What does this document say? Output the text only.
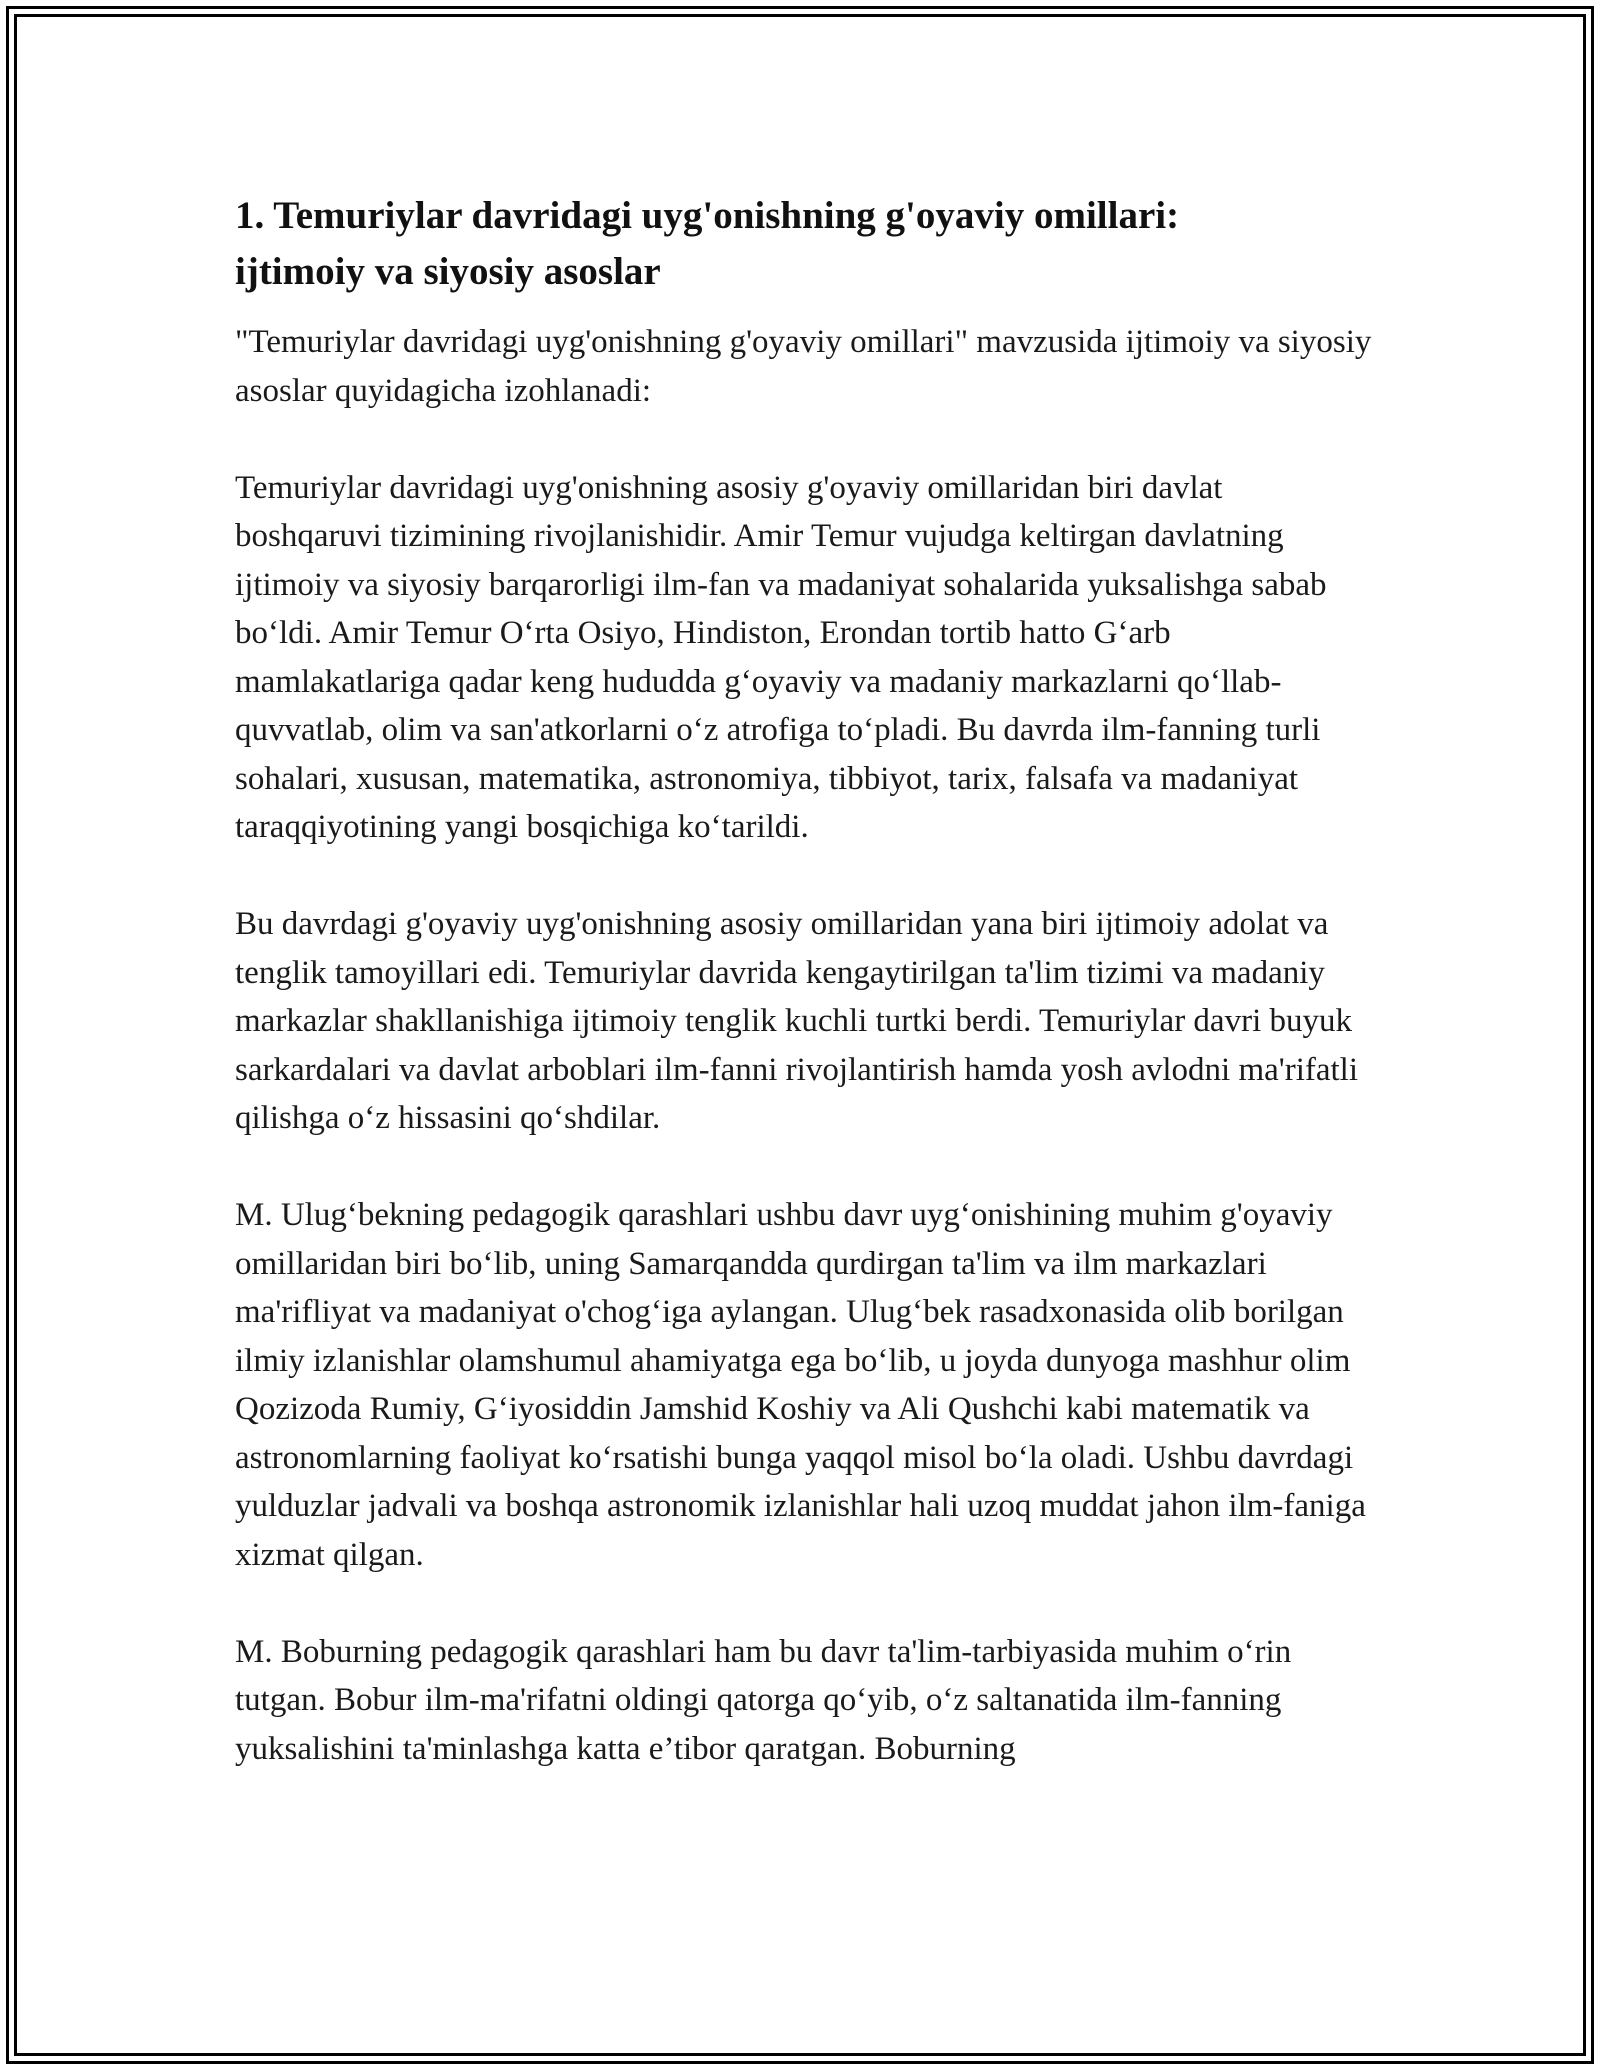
1. Temuriylar davridagi uyg'onishning g'oyaviy omillari:
ijtimoiy va siyosiy asoslar

"Temuriylar davridagi uyg'onishning g'oyaviy omillari" mavzusida ijtimoiy va siyosiy asoslar quyidagicha izohlanadi:

Temuriylar davridagi uyg'onishning asosiy g'oyaviy omillaridan biri davlat boshqaruvi tizimining rivojlanishidir. Amir Temur vujudga keltirgan davlatning ijtimoiy va siyosiy barqarorligi ilm-fan va madaniyat sohalarida yuksalishga sabab bo‘ldi. Amir Temur O‘rta Osiyo, Hindiston, Erondan tortib hatto G‘arb mamlakatlariga qadar keng hududda g‘oyaviy va madaniy markazlarni qo‘llab-quvvatlab, olim va san'atkorlarni o‘z atrofiga to‘pladi. Bu davrda ilm-fanning turli sohalari, xususan, matematika, astronomiya, tibbiyot, tarix, falsafa va madaniyat taraqqiyotining yangi bosqichiga ko‘tarildi.

Bu davrdagi g'oyaviy uyg'onishning asosiy omillaridan yana biri ijtimoiy adolat va tenglik tamoyillari edi. Temuriylar davrida kengaytirilgan ta'lim tizimi va madaniy markazlar shakllanishiga ijtimoiy tenglik kuchli turtki berdi. Temuriylar davri buyuk sarkardalari va davlat arboblari ilm-fanni rivojlantirish hamda yosh avlodni ma'rifatli qilishga o‘z hissasini qo‘shdilar.

M. Ulug‘bekning pedagogik qarashlari ushbu davr uyg‘onishining muhim g'oyaviy omillaridan biri bo‘lib, uning Samarqandda qurdirgan ta'lim va ilm markazlari ma'rifliyat va madaniyat o'chog‘iga aylangan. Ulug‘bek rasadxonasida olib borilgan ilmiy izlanishlar olamshumul ahamiyatga ega bo‘lib, u joyda dunyoga mashhur olim Qozizoda Rumiy, G‘iyosiddin Jamshid Koshiy va Ali Qushchi kabi matematik va astronomlarning faoliyat ko‘rsatishi bunga yaqqol misol bo‘la oladi. Ushbu davrdagi yulduzlar jadvali va boshqa astronomik izlanishlar hali uzoq muddat jahon ilm-faniga xizmat qilgan.

M. Boburning pedagogik qarashlari ham bu davr ta'lim-tarbiyasida muhim o‘rin tutgan. Bobur ilm-ma'rifatni oldingi qatorga qo‘yib, o‘z saltanatida ilm-fanning yuksalishini ta'minlashga katta e’tibor qaratgan. Boburning
